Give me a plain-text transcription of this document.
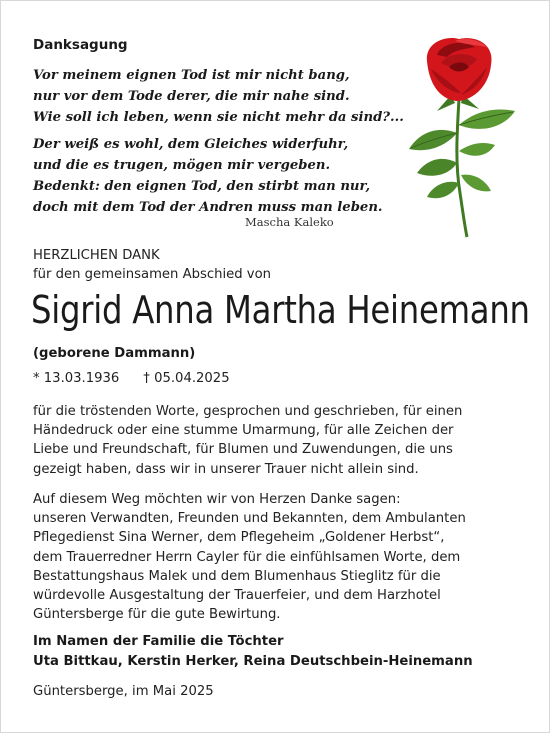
Danksagung
Vor meinem eignen Tod ist mir nicht bang,
nur vor dem Tode derer, die mir nahe sind.
Wie soll ich leben, wenn sie nicht mehr da sind?...
Der weiß es wohl, dem Gleiches widerfuhr,
und die es trugen, mögen mir vergeben.
Bedenkt: den eignen Tod, den stirbt man nur,
doch mit dem Tod der Andren muss man leben.
Mascha Kaleko
HERZLICHEN DANK
für den gemeinsamen Abschied von
Sigrid Anna Martha Heinemann
(geborene Dammann)
* 13.03.1936 † 05.04.2025
für die tröstenden Worte, gesprochen und geschrieben, für einen
Händedruck oder eine stumme Umarmung, für alle Zeichen der
Liebe und Freundschaft, für Blumen und Zuwendungen, die uns
gezeigt haben, dass wir in unserer Trauer nicht allein sind.
Auf diesem Weg möchten wir von Herzen Danke sagen:
unseren Verwandten, Freunden und Bekannten, dem Ambulanten
Pflegedienst Sina Werner, dem Pflegeheim „Goldener Herbst“,
dem Trauerredner Herrn Cayler für die einfühlsamen Worte, dem
Bestattungshaus Malek und dem Blumenhaus Stieglitz für die
würdevolle Ausgestaltung der Trauerfeier, und dem Harzhotel
Güntersberge für die gute Bewirtung.
Im Namen der Familie die Töchter
Uta Bittkau, Kerstin Herker, Reina Deutschbein-Heinemann
Güntersberge, im Mai 2025
